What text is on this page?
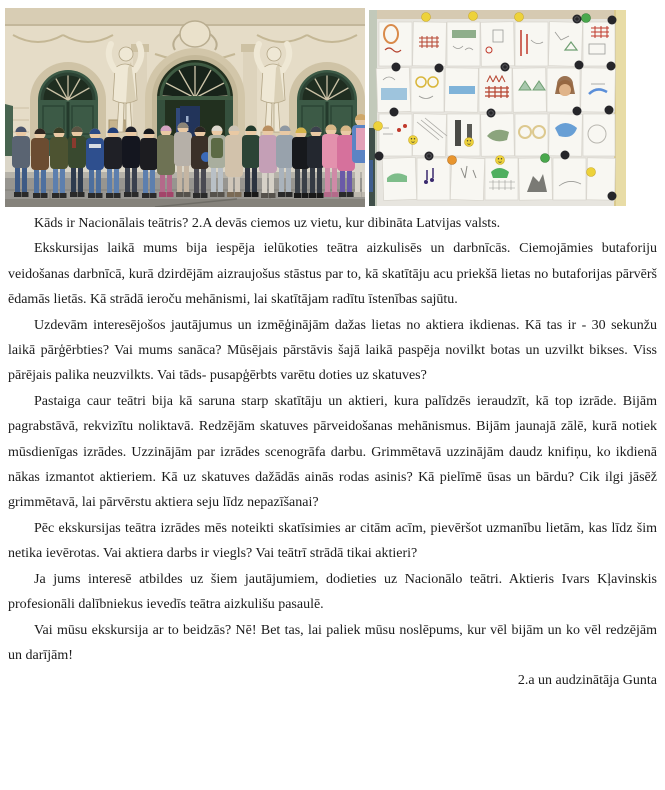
Kāds ir Nacionālais teātris? 2.A devās ciemos uz vietu, kur dibināta Latvijas valsts.

Ekskursijas laikā mums bija iespēja ielūkoties teātra aizkulisēs un darbnīcās. Ciemojāmies butaforiju veidošanas darbnīcā, kurā dzirdējām aizraujošus stāstus par to, kā skatītāju acu priekšā lietas no butaforijas pārvērš ēdamās lietās. Kā strādā ieroču mehānismi, lai skatītājam radītu īstenības sajūtu.

Uzdevām interesējošos jautājumus un izmēģinājām dažas lietas no aktiera ikdienas. Kā tas ir - 30 sekunžu laikā pārģērbties? Vai mums sanāca? Mūsējais pārstāvis šajā laikā paspēja novilkt botas un uzvilkt bikses. Viss pārējais palika neuzvilkts. Vai tāds- pusapģērbts varētu doties uz skatuves?

Pastaiga caur teātri bija kā saruna starp skatītāju un aktieri, kura palīdzēs ieraudzīt, kā top izrāde. Bijām pagrabstāvā, rekvizītu noliktavā. Redzējām skatuves pārveidošanas mehānismus. Bijām jaunajā zālē, kurā notiek mūsdienīgas izrādes. Uzzinājām par izrādes scenogrāfa darbu. Grimmētavā uzzinājām daudz knifiņu, ko ikdienā nākas izmantot aktieriem. Kā uz skatuves dažādās ainās rodas asinis? Kā pielīmē ūsas un bārdu? Cik ilgi jāsēž grimmētavā, lai pārvērstu aktiera seju līdz nepazīšanai?

Pēc ekskursijas teātra izrādes mēs noteikti skatīsimies ar citām acīm, pievēršot uzmanību lietām, kas līdz šim netika ievērotas. Vai aktiera darbs ir viegls? Vai teātrī strādā tikai aktieri?

Ja jums interesē atbildes uz šiem jautājumiem, dodieties uz Nacionālo teātri. Aktieris Ivars Kļavinskis profesionāli dalībniekus ievedīs teātra aizkulišu pasaulē.

Vai mūsu ekskursija ar to beidzās? Nē! Bet tas, lai paliek mūsu noslēpums, kur vēl bijām un ko vēl redzējām un darījām!

2.a un audzinātāja Gunta
